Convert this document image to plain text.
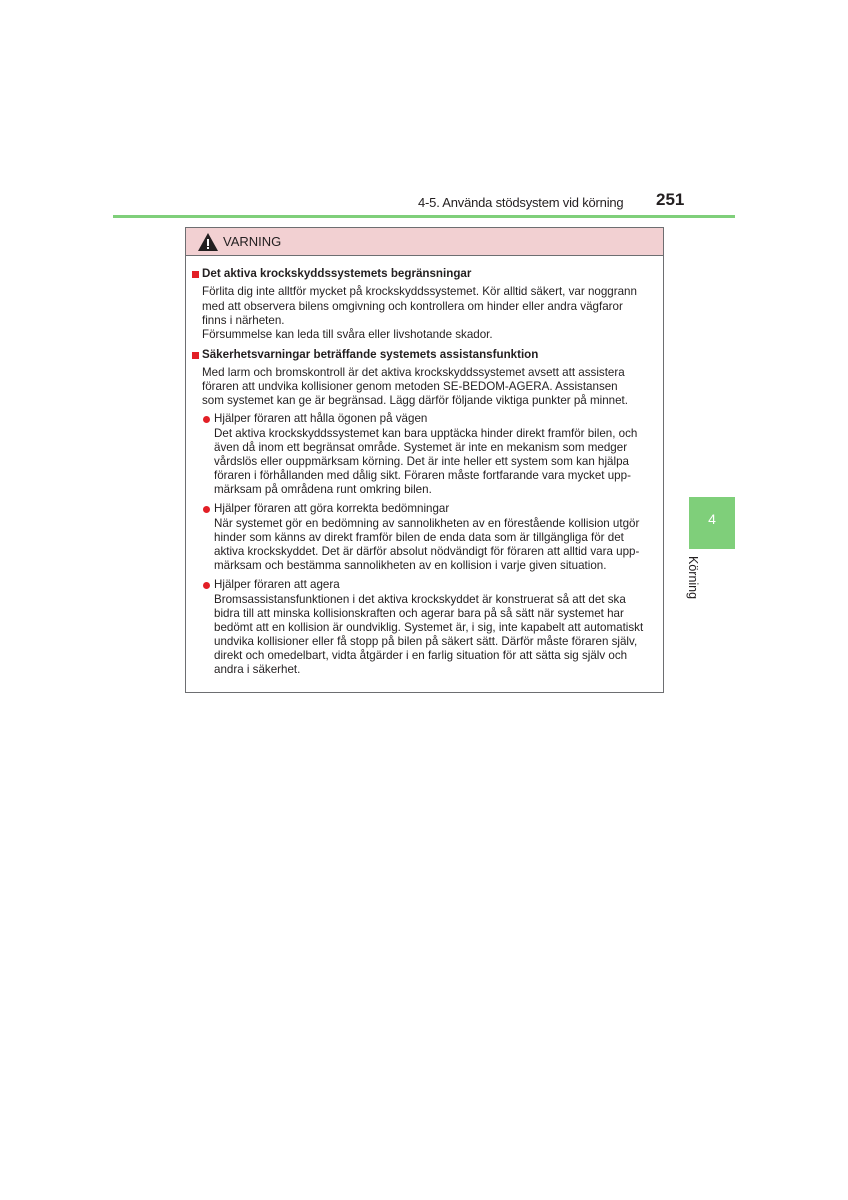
4-5. Använda stödsystem vid körning 251
4
Körning
VARNING
Det aktiva krockskyddssystemets begränsningar
Förlita dig inte alltför mycket på krockskyddssystemet. Kör alltid säkert, var noggrann
med att observera bilens omgivning och kontrollera om hinder eller andra vägfaror
finns i närheten.
Försummelse kan leda till svåra eller livshotande skador.
Säkerhetsvarningar beträffande systemets assistansfunktion
Med larm och bromskontroll är det aktiva krockskyddssystemet avsett att assistera
föraren att undvika kollisioner genom metoden SE-BEDOM-AGERA. Assistansen
som systemet kan ge är begränsad. Lägg därför följande viktiga punkter på minnet.
Hjälper föraren att hålla ögonen på vägen
Det aktiva krockskyddssystemet kan bara upptäcka hinder direkt framför bilen, och
även då inom ett begränsat område. Systemet är inte en mekanism som medger
vårdslös eller ouppmärksam körning. Det är inte heller ett system som kan hjälpa
föraren i förhållanden med dålig sikt. Föraren måste fortfarande vara mycket upp-
märksam på områdena runt omkring bilen.
Hjälper föraren att göra korrekta bedömningar
När systemet gör en bedömning av sannolikheten av en förestående kollision utgör
hinder som känns av direkt framför bilen de enda data som är tillgängliga för det
aktiva krockskyddet. Det är därför absolut nödvändigt för föraren att alltid vara upp-
märksam och bestämma sannolikheten av en kollision i varje given situation.
Hjälper föraren att agera
Bromsassistansfunktionen i det aktiva krockskyddet är konstruerat så att det ska
bidra till att minska kollisionskraften och agerar bara på så sätt när systemet har
bedömt att en kollision är oundviklig. Systemet är, i sig, inte kapabelt att automatiskt
undvika kollisioner eller få stopp på bilen på säkert sätt. Därför måste föraren själv,
direkt och omedelbart, vidta åtgärder i en farlig situation för att sätta sig själv och
andra i säkerhet.
